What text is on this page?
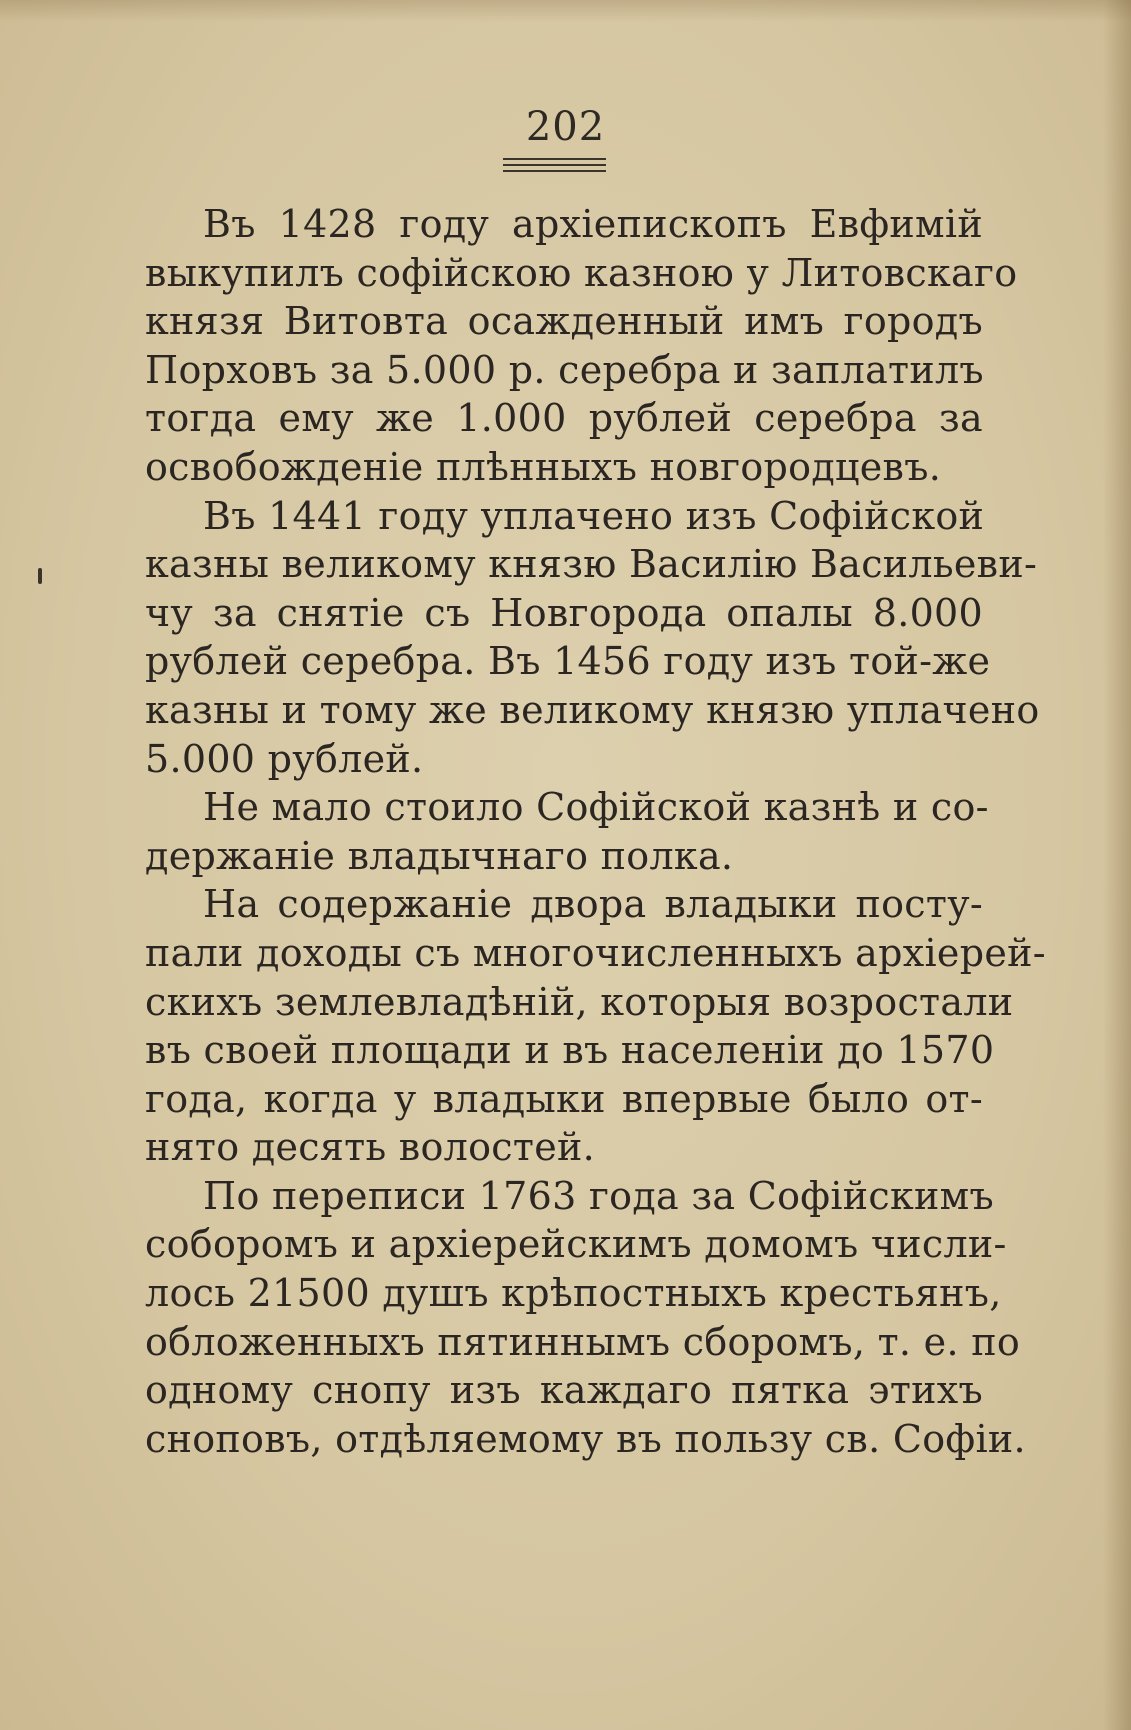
202
Въ 1428 году архіепископъ Евфимій
выкупилъ софійскою казною у Литовскаго
князя Витовта осажденный имъ городъ
Порховъ за 5.000 р. серебра и заплатилъ
тогда ему же 1.000 рублей серебра за
освобожденіе плѣнныхъ новгородцевъ.
Въ 1441 году уплачено изъ Софійской
казны великому князю Василію Васильеви-
чу за снятіе съ Новгорода опалы 8.000
рублей серебра. Въ 1456 году изъ той-же
казны и тому же великому князю уплачено
5.000 рублей.
Не мало стоило Софійской казнѣ и со-
держаніе владычнаго полка.
На содержаніе двора владыки посту-
пали доходы съ многочисленныхъ архіерей-
скихъ землевладѣній, которыя возростали
въ своей площади и въ населеніи до 1570
года, когда у владыки впервые было от-
нято десять волостей.
По переписи 1763 года за Софійскимъ
соборомъ и архіерейскимъ домомъ числи-
лось 21500 душъ крѣпостныхъ крестьянъ,
обложенныхъ пятиннымъ сборомъ, т. е. по
одному снопу изъ каждаго пятка этихъ
сноповъ, отдѣляемому въ пользу св. Софіи.
